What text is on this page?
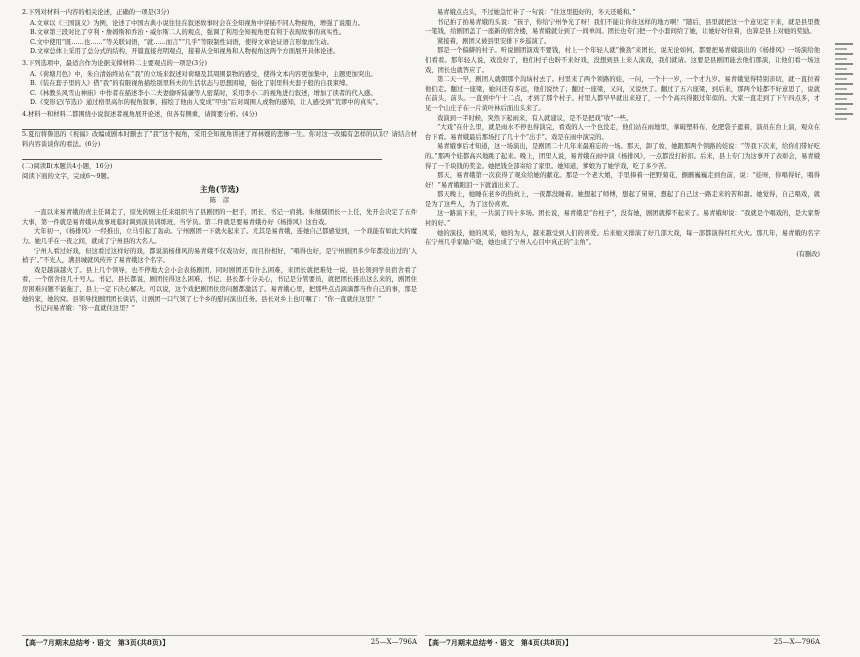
2.下列对材料一内容的相关论述，正确的一项是(3分)

A.文章以《三国演义》为例，论述了中国古典小说往往在叙述故事时会在全知视角中穿插不同人物视角，增强了说服力。

B.文章第三段对比了亨利・詹姆斯和乔治・威尔斯二人的观点，强调了利用全知视角更有利于表现故事的真实性。

C.文中使用“既……也……”等关联词语，“就……而言”“几乎”等限制性词语，使得文章论证语言形象而生动。

D.文章总体上采用了总分式的结构，开篇直接亮明观点，接着从全知视角和人物视角这两个方面展开具体论述。

3.下列选项中，最适合作为论据支撑材料二主要观点的一项是(3分)

A.《荷塘月色》中，朱自清始终站在“我”的立场来叙述对荷塘及其周围景物的感受，使得文本内容更加集中，主题更加突出。

B.《装在套子里的人》借“我”的有限视角描绘别里科夫的生活状态与思想困境，强化了别里科夫套子般的自我束缚。

C.《林教头风雪山神庙》中作者在描述李小二夫妻偷听陆谦等人密谋时，采用李小二的视角进行叙述，增加了读者的代入感。

D.《变形记(节选)》通过格里高尔的视角叙事，描绘了他由人变成“甲虫”后对周围人或物的感知，让人感受到“荒谬中的真实”。

4.材料一和材料二都围绕小说叙述者视角展开论述，但各有侧重，请简要分析。(4分)

5.夏衍将鲁迅的《祝福》改编成剧本时删去了“我”这个视角，采用全知视角讲述了祥林嫂的悲惨一生。你对这一改编有怎样的认识？请结合材料内容谈谈你的看法。(6分)

(二)阅读Ⅱ(本题共4小题，16分)

阅读下面的文字，完成6～9题。

主角(节选)
陈　彦

一直以来易青娥的责主任调走了，原先的剧主任来组织当了县剧团的一把手，团长、书记一肩挑。朱继儒团长一上任，先开会决定了五件大事，第一件就是易青娥从故事班临时调到演员训练班，当学员。第二件就是要易青娥办好《杨排风》这台戏。

大年初一，《杨排风》一经推出，立马引起了轰动。宁州剧团一下就火起来了。尤其是易青娥，连她自己都感觉到，一个戏能有如此大的魔力。她几乎在一夜之间，就成了宁州县的大名人。

宁州人看过好戏，但这看过这样好的戏，都说演杨排风的易青娥不仅戏功好，而且扮相好，“唱得也好，是宁州剧团多少年都没出过的‘人梢子’。”不光人，满县城就风传开了易青娥这个名字。

戏是越演越火了。县上几个领导，也不停地大会小会表扬剧团，同时剧团还有什么困难，来团长就把难处一说，县长领到学员宿舍看了看，一个宿舍住几十号人。书记，县长都说，剧团住得这么困难，书记、县长都十分关心，书记是分管要员，就把团长推出这么来的，剧团住房困难问题不能拖了，县上一定下决心解决。可以说，这个戏把剧团住房问题都激活了。易青娥心里，把那些点点滴滴都当作自己的事，那是她的家，她的窝。县领导找剧团团长谈话，让剧团一口气领了七个乡的慰问演出任务。县长对乡上也叮嘱了：“你一直就住这里？”

书记问易青娥：“你一直就住这里？”

【高一7月期末总结考・语文　第3页(共8页)】	25—X—796A

易青娥点点头，不过她急忙补了一句说：“住这里挺好的，冬天还暖和。”

书记拍了拍易青娥的头说：“孩子，你给宁州争光了呀！我们不能让你住这样的地方啊！”随后，县里就把这一个意见定下来，就是县里拨一笔钱，给剧团盖了一座新的宿舍楼，易青娥就分到了一间单间。团长也专门把一个小套间给了她，让她好好住着，也算是县上对她的奖励。

紧接着，剧团又被县里安排下乡巡演了。

那是一个偏僻的村子。听说剧团演戏不要钱，村上一个年轻人就“操劲”来团长，说无论如何，都要把易青娥演出的《杨排风》一场演给他们看看。那年轻人说，戏没好了，他们村子也盼不来好戏，没想到县上来人演戏，我们就请。这要是县剧团能去他们那演，让他们看一场这戏，团长也就答应了。

第二天一早，剧团人就朝那个沟垴村去了。村里来了两个领路的娃，一问，一个十一岁，一个才九岁。易青娥觉得特别亲切，就一直拉着他们走。翻过一座梁，她问还有多远，他们说快了；翻过一座梁，又问，又说快了。翻过了五六座梁，到后来，那两个娃都不好意思了，说就在前头，前头。一直到中午十二点，才到了那个村子。村里人都早早就出来迎了，一个个高兴得跟过年似的。大家一直走到了下午四点多，才见一个山庄子在一片黄叶林后面出头来了。

戏演到一半时候，突然下起雨来，有人就建议，是不是把戏“收”一些。

“大戏”在什么里，就是雨水不停也得演完，看戏的人一个也没走，他们站在雨地里，拿破塑料布、化肥袋子遮着，演员在台上演，观众在台下看。易青娥最后那场打了几十个“出手”。戏是在雨中演完的。

易青娥事后才知道，这一场演出，是剧团二十几年来最难忘的一场。那天，卸了妆，她跟那两个领路的娃说：“等我下次来，给你们带好吃的。”那两个娃都高兴地跳了起来。晚上，团里人说，易青娥在雨中演《杨排风》，一点都没打折扣。后来，县上专门为这事开了表彰会，易青娥得了一千块钱的奖金。她把钱全部寄给了家里。她知道，爹娘为了她学戏，吃了多少苦。

那天，易青娥第一次获得了观众给她的献花。那是一个老大娘，手里捧着一把野菊花，颤颤巍巍走到台前，说：“娃呀，你唱得好，唱得好！”易青娥眼泪一下就涌出来了。

那天晚上，她睡在老乡的热炕上，一夜都没睡着。她想起了师傅，想起了舅舅，想起了自己这一路走来的苦和甜。她觉得，自己唱戏，就是为了这些人，为了这份喜欢。

这一路演下来，一共演了四十多场。团长说，易青娥是“台柱子”，没有她，剧团就撑不起来了。易青娥却说：“我就是个唱戏的，是大家帮衬的好。”

她的演技，她的风采，她的为人，越来越受到人们的喜爱。后来她又排演了好几部大戏，每一部都演得红红火火。那几年，易青娥的名字在宁州几乎家喻户晓，她也成了宁州人心目中真正的“主角”。

(有删改)

【高一7月期末总结考・语文　第4页(共8页)】	25—X—796A
